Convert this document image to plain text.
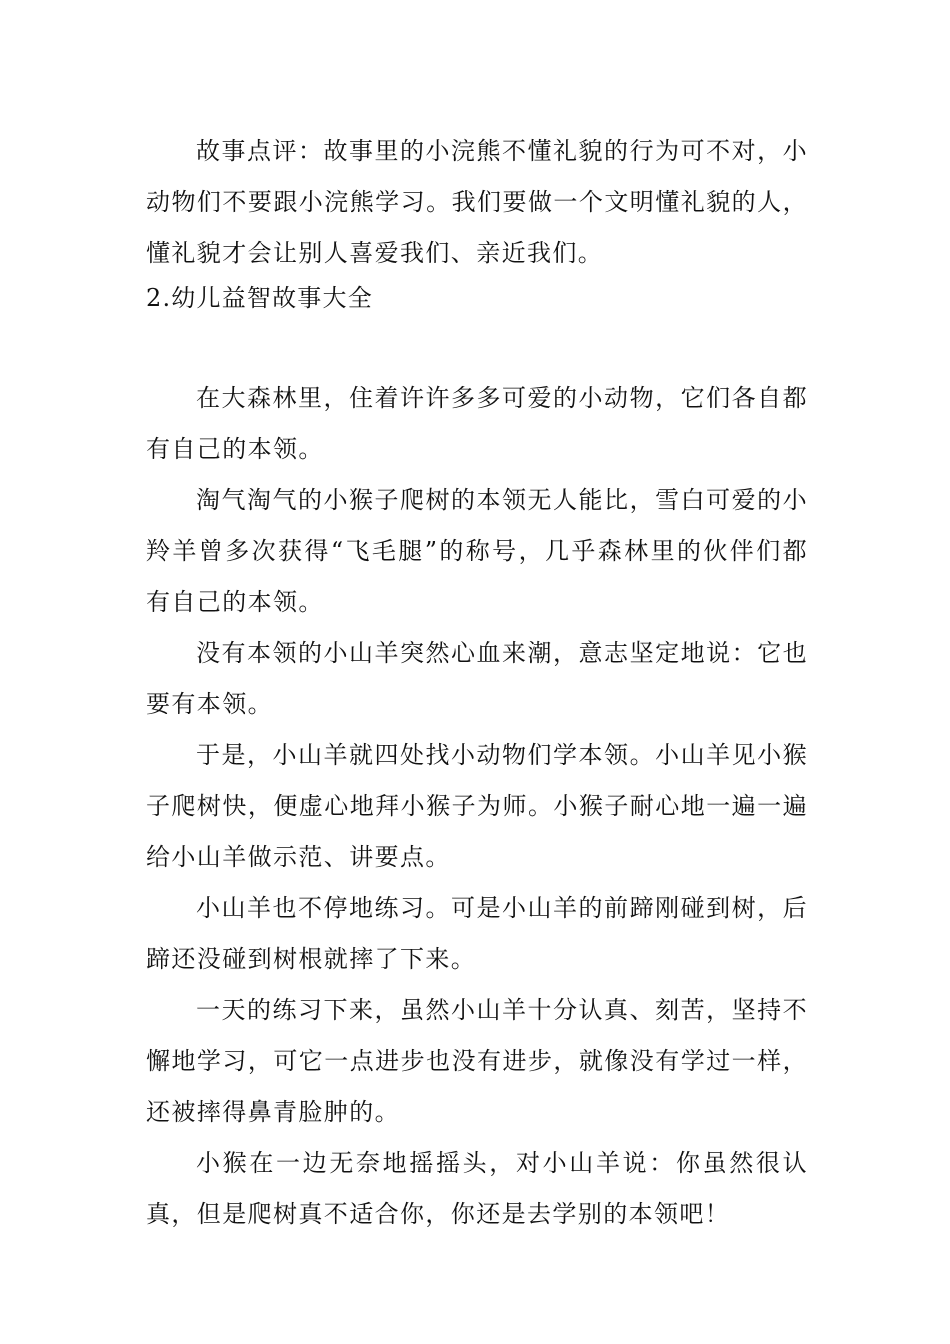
故事点评：故事里的小浣熊不懂礼貌的行为可不对，小动物们不要跟小浣熊学习。我们要做一个文明懂礼貌的人，懂礼貌才会让别人喜爱我们、亲近我们。

2.幼儿益智故事大全

在大森林里，住着许许多多可爱的小动物，它们各自都有自己的本领。

淘气淘气的小猴子爬树的本领无人能比，雪白可爱的小羚羊曾多次获得“飞毛腿”的称号，几乎森林里的伙伴们都有自己的本领。

没有本领的小山羊突然心血来潮，意志坚定地说：它也要有本领。

于是，小山羊就四处找小动物们学本领。小山羊见小猴子爬树快，便虚心地拜小猴子为师。小猴子耐心地一遍一遍给小山羊做示范、讲要点。

小山羊也不停地练习。可是小山羊的前蹄刚碰到树，后蹄还没碰到树根就摔了下来。

一天的练习下来，虽然小山羊十分认真、刻苦，坚持不懈地学习，可它一点进步也没有进步，就像没有学过一样，还被摔得鼻青脸肿的。

小猴在一边无奈地摇摇头，对小山羊说：你虽然很认真，但是爬树真不适合你，你还是去学别的本领吧！
